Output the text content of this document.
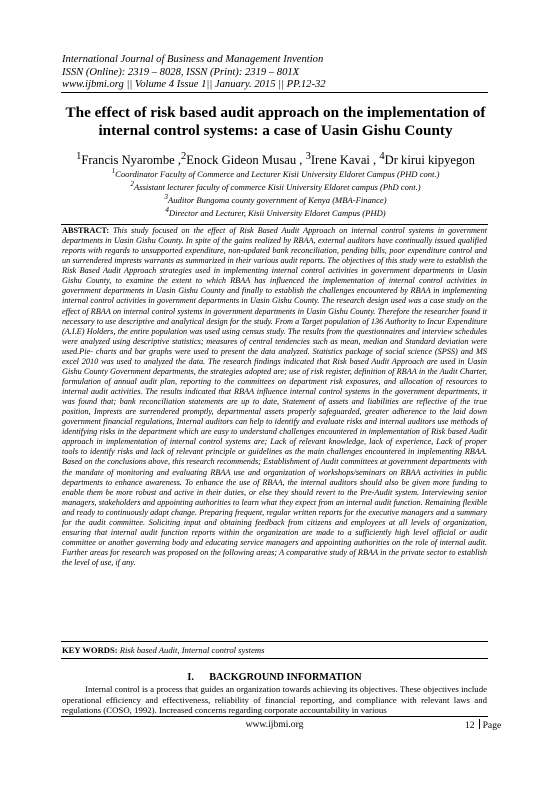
International Journal of Business and Management Invention
ISSN (Online): 2319 – 8028, ISSN (Print): 2319 – 801X
www.ijbmi.org || Volume 4 Issue 1|| January. 2015 || PP.12-32
The effect of risk based audit approach on the implementation of internal control systems: a case of Uasin Gishu County
$^1$Francis Nyarombe ,$^2$Enock Gideon Musau , $^3$Irene Kavai , $^4$Dr kirui kipyegon
$^1$Coordinator Faculty of Commerce and Lecturer Kisii University Eldoret Campus (PHD cont.)
$^2$Assistant lecturer faculty of commerce Kisii University Eldoret campus (PhD cont.)
$^3$Auditor Bungoma county government of Kenya (MBA-Finance)
$^4$Director and Lecturer, Kisii University Eldoret Campus (PHD)
ABSTRACT: This study focused on the effect of Risk Based Audit Approach on internal control systems in government departments in Uasin Gishu County. In spite of the gains realized by RBAA, external auditors have continually issued qualified reports with regards to unsupported expenditure, non-updated bank reconciliation, pending bills, poor expenditure control and un surrendered imprests warrants as summarized in their various audit reports. The objectives of this study were to establish the Risk Based Audit Approach strategies used in implementing internal control activities in government departments in Uasin Gishu County, to examine the extent to which RBAA has influenced the implementation of internal control activities in government departments in Uasin Gishu County and finally to establish the challenges encountered by RBAA in implementing internal control activities in government departments in Uasin Gishu County. The research design used was a case study on the effect of RBAA on internal control systems in government departments in Uasin Gishu County. Therefore the researcher found it necessary to use descriptive and analytical design for the study. From a Target population of 136 Authority to Incur Expenditure (A.I.E) Holders, the entire population was used using census study. The results from the questionnaires and interview schedules were analyzed using descriptive statistics; measures of central tendencies such as mean, median and Standard deviation were used.Pie- charts and bar graphs were used to present the data analyzed. Statistics package of social science (SPSS) and MS excel 2010 was used to analyzed the data. The research findings indicated that Risk based Audit Approach are used in Uasin Gishu County Government departments, the strategies adopted are; use of risk register, definition of RBAA in the Audit Charter, formulation of annual audit plan, reporting to the committees on department risk exposures, and allocation of resources to internal audit activities. The results indicated that RBAA influence internal control systems in the government departments, it was found that; bank reconciliation statements are up to date, Statement of assets and liabilities are reflective of the true position, Imprests are surrendered promptly, departmental assets properly safeguarded, greater adherence to the laid down government financial regulations, Internal auditors can help to identify and evaluate risks and internal auditors use methods of identifying risks in the department which are easy to understand challenges encountered in implementation of Risk based Audit approach in implementation of internal control systems are; Lack of relevant knowledge, lack of experience, Lack of proper tools to identify risks and lack of relevant principle or guidelines as the main challenges encountered in implementing RBAA. Based on the conclusions above, this research recommends; Establishment of Audit committees at government departments with the mandate of monitoring and evaluating RBAA use and organization of workshops/seminars on RBAA activities in public departments to enhance awareness. To enhance the use of RBAA, the internal auditors should also be given more funding to enable them be more robust and active in their duties, or else they should revert to the Pre-Audit system. Interviewing senior managers, stakeholders and appointing authorities to learn what they expect from an internal audit function. Remaining flexible and ready to continuously adapt change. Preparing frequent, regular written reports for the executive managers and a summary for the audit committee. Soliciting input and obtaining feedback from citizens and employees at all levels of organization, ensuring that internal audit function reports within the organization are made to a sufficiently high level official or audit committee or another governing body and educating service managers and appointing authorities on the role of internal audit. Further areas for research was proposed on the following areas; A comparative study of RBAA in the private sector to establish the level of use, if any.
KEY WORDS: Risk based Audit, Internal control systems
I. BACKGROUND INFORMATION
Internal control is a process that guides an organization towards achieving its objectives. These objectives include operational efficiency and effectiveness, reliability of financial reporting, and compliance with relevant laws and regulations (COSO, 1992). Increased concerns regarding corporate accountability in various
www.ijbmi.org	12 Page
